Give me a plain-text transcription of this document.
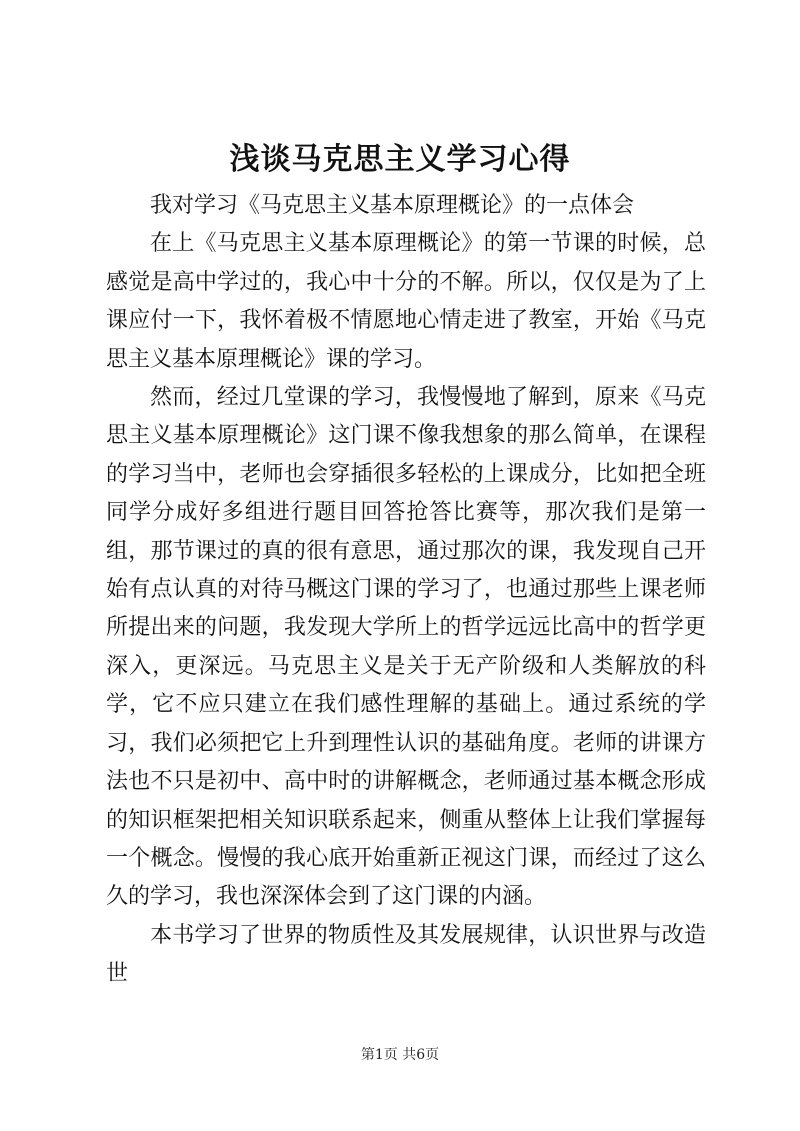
浅谈马克思主义学习心得

我对学习《马克思主义基本原理概论》的一点体会

在上《马克思主义基本原理概论》的第一节课的时候，总感觉是高中学过的，我心中十分的不解。所以，仅仅是为了上课应付一下，我怀着极不情愿地心情走进了教室，开始《马克思主义基本原理概论》课的学习。

然而，经过几堂课的学习，我慢慢地了解到，原来《马克思主义基本原理概论》这门课不像我想象的那么简单，在课程的学习当中，老师也会穿插很多轻松的上课成分，比如把全班同学分成好多组进行题目回答抢答比赛等，那次我们是第一组，那节课过的真的很有意思，通过那次的课，我发现自己开始有点认真的对待马概这门课的学习了，也通过那些上课老师所提出来的问题，我发现大学所上的哲学远远比高中的哲学更深入，更深远。马克思主义是关于无产阶级和人类解放的科学，它不应只建立在我们感性理解的基础上。通过系统的学习，我们必须把它上升到理性认识的基础角度。老师的讲课方法也不只是初中、高中时的讲解概念，老师通过基本概念形成的知识框架把相关知识联系起来，侧重从整体上让我们掌握每一个概念。慢慢的我心底开始重新正视这门课，而经过了这么久的学习，我也深深体会到了这门课的内涵。

本书学习了世界的物质性及其发展规律，认识世界与改造世

第1页 共6页
